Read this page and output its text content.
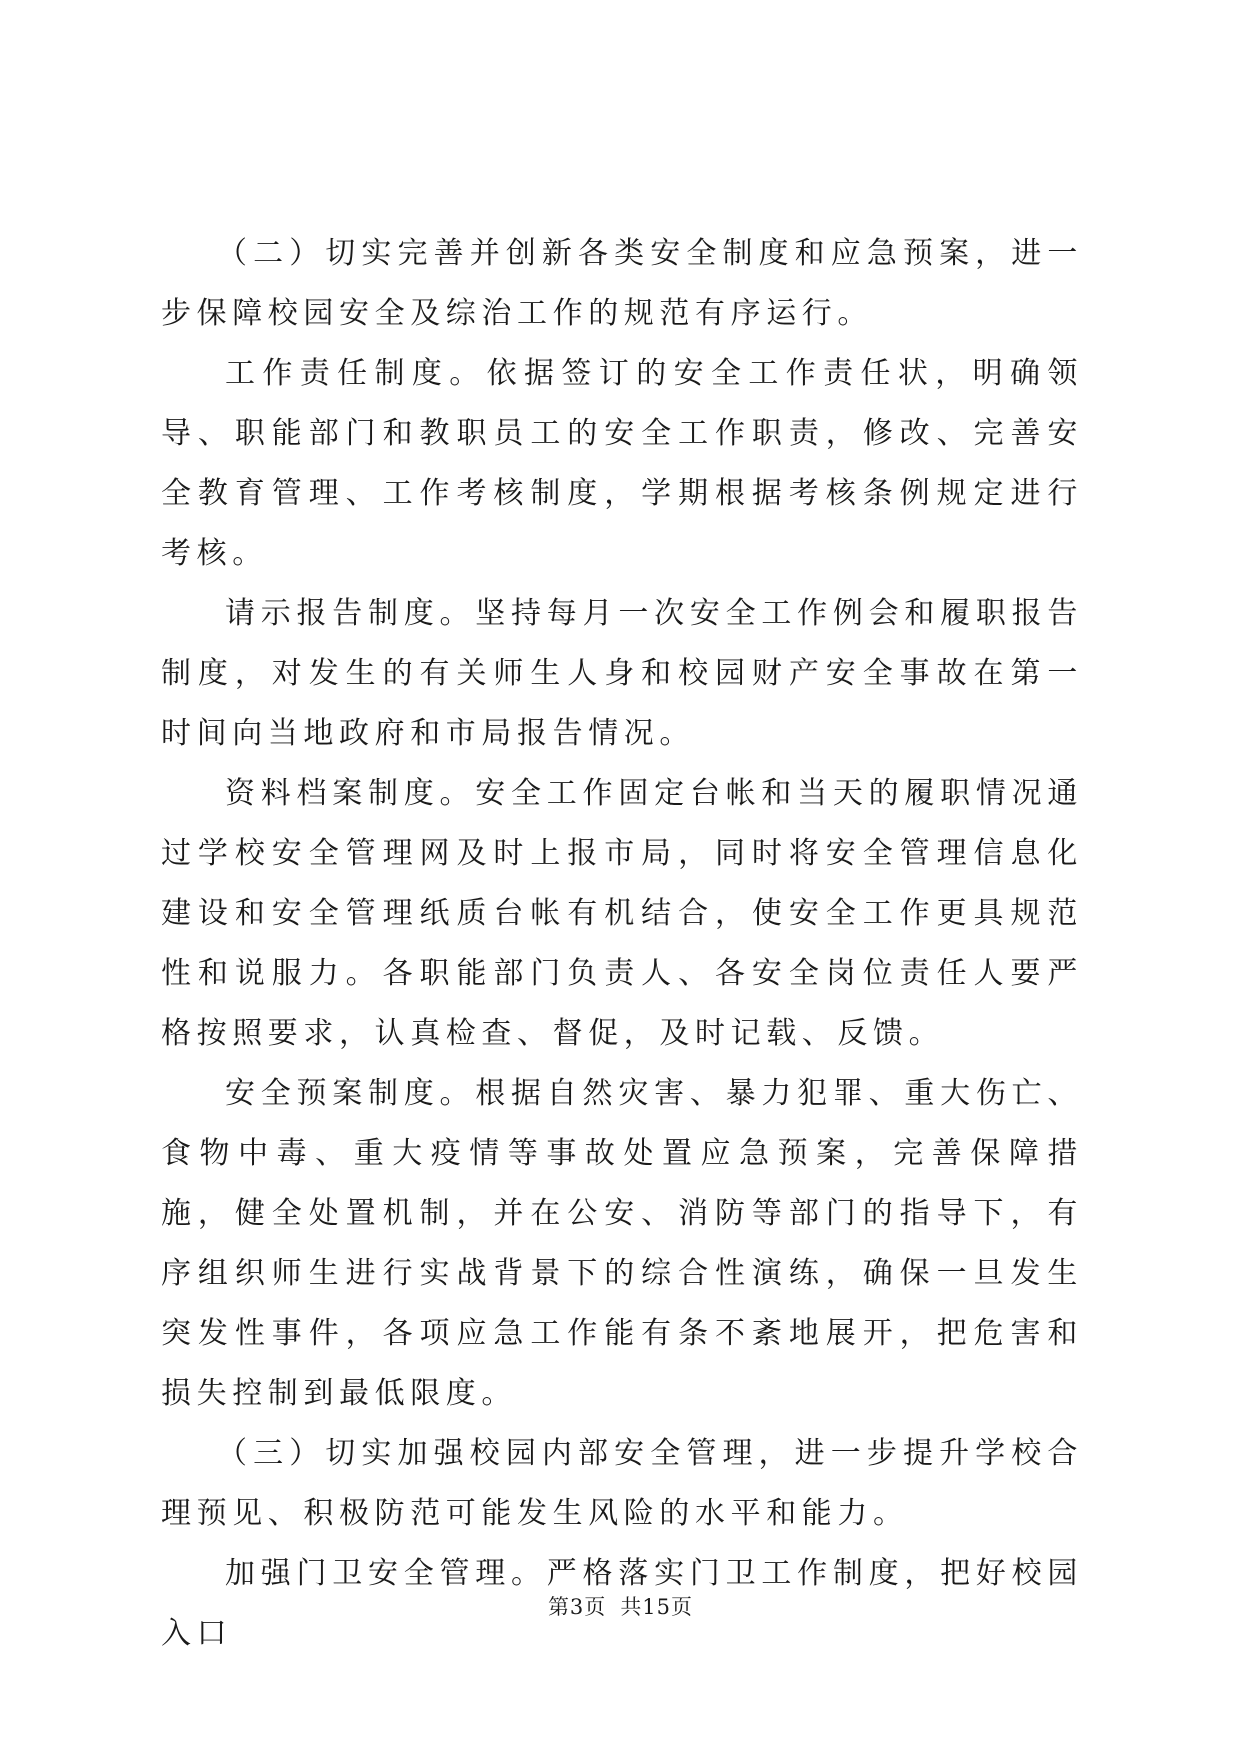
（二）切实完善并创新各类安全制度和应急预案，进一步保障校园安全及综治工作的规范有序运行。

工作责任制度。依据签订的安全工作责任状，明确领导、职能部门和教职员工的安全工作职责，修改、完善安全教育管理、工作考核制度，学期根据考核条例规定进行考核。

请示报告制度。坚持每月一次安全工作例会和履职报告制度，对发生的有关师生人身和校园财产安全事故在第一时间向当地政府和市局报告情况。

资料档案制度。安全工作固定台帐和当天的履职情况通过学校安全管理网及时上报市局，同时将安全管理信息化建设和安全管理纸质台帐有机结合，使安全工作更具规范性和说服力。各职能部门负责人、各安全岗位责任人要严格按照要求，认真检查、督促，及时记载、反馈。

安全预案制度。根据自然灾害、暴力犯罪、重大伤亡、食物中毒、重大疫情等事故处置应急预案，完善保障措施，健全处置机制，并在公安、消防等部门的指导下，有序组织师生进行实战背景下的综合性演练，确保一旦发生突发性事件，各项应急工作能有条不紊地展开，把危害和损失控制到最低限度。

（三）切实加强校园内部安全管理，进一步提升学校合理预见、积极防范可能发生风险的水平和能力。

加强门卫安全管理。严格落实门卫工作制度，把好校园入口

第3页 共15页
